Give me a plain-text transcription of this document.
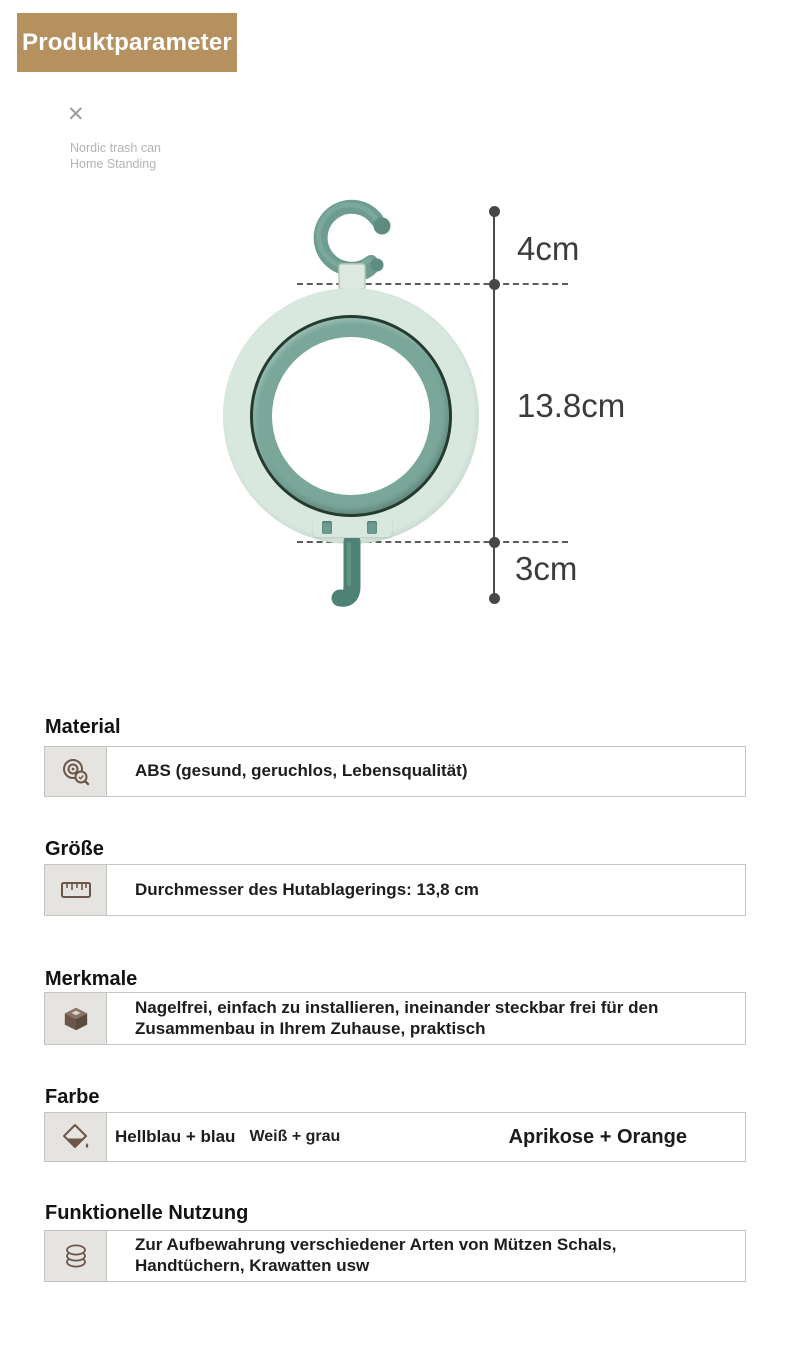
Produktparameter
✕
Nordic trash can
Home Standing
4cm
13.8cm
3cm
Material
ABS (gesund, geruchlos, Lebensqualität)
Größe
Durchmesser des Hutablagerings: 13,8 cm
Merkmale
Nagelfrei, einfach zu installieren, ineinander steckbar frei für den Zusammenbau in Ihrem Zuhause, praktisch
Farbe
Hellblau + blau Weiß + grau	Aprikose + Orange
Funktionelle Nutzung
Zur Aufbewahrung verschiedener Arten von Mützen Schals, Handtüchern, Krawatten usw
